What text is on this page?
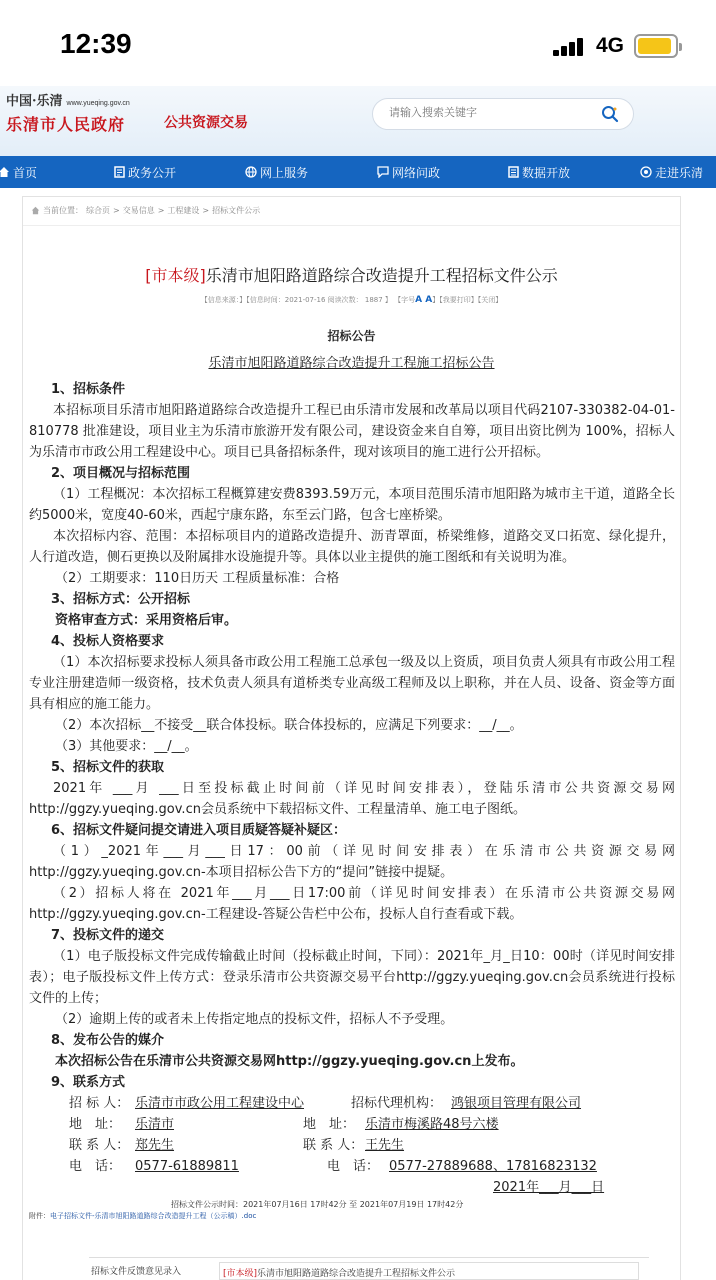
12:39	4G
中国·乐清 www.yueqing.gov.cn
乐清市人民政府	公共资源交易
请输入搜索关键字
首页	政务公开	网上服务	网络问政	数据开放	走进乐清
当前位置： 综合页 > 交易信息 > 工程建设 > 招标文件公示
[市本级]乐清市旭阳路道路综合改造提升工程招标文件公示
【信息来源：】【信息时间：2021-07-16 阅读次数： 1887 】 【字号A A】【我要打印】【关闭】
招标公告
乐清市旭阳路道路综合改造提升工程施工招标公告

1、招标条件

本招标项目乐清市旭阳路道路综合改造提升工程已由乐清市发展和改革局以项目代码2107-330382-04-01-810778 批准建设，项目业主为乐清市旅游开发有限公司，建设资金来自自筹，项目出资比例为 100%，招标人为乐清市市政公用工程建设中心。项目已具备招标条件，现对该项目的施工进行公开招标。

2、项目概况与招标范围

（1）工程概况：本次招标工程概算建安费8393.59万元，本项目范围乐清市旭阳路为城市主干道，道路全长约5000米，宽度40-60米，西起宁康东路，东至云门路，包含七座桥梁。

本次招标内容、范围：本招标项目内的道路改造提升、沥青罩面，桥梁维修，道路交叉口拓宽、绿化提升，人行道改造，侧石更换以及附属排水设施提升等。具体以业主提供的施工图纸和有关说明为准。

（2）工期要求：110日历天 工程质量标准：合格

3、招标方式：公开招标

资格审查方式：采用资格后审。

4、投标人资格要求

（1）本次招标要求投标人须具备市政公用工程施工总承包一级及以上资质，项目负责人须具有市政公用工程专业注册建造师一级资格，技术负责人须具有道桥类专业高级工程师及以上职称，并在人员、设备、资金等方面具有相应的施工能力。

（2）本次招标__不接受__联合体投标。联合体投标的，应满足下列要求：__/__。

（3）其他要求：__/__。

5、招标文件的获取

2021年 ___月 ___日至投标截止时间前（详见时间安排表），登陆乐清市公共资源交易网http://ggzy.yueqing.gov.cn会员系统中下载招标文件、工程量清单、施工电子图纸。

6、招标文件疑问提交请进入项目质疑答疑补疑区：

（1）_2021年___月___日17：00前（详见时间安排表）在乐清市公共资源交易网http://ggzy.yueqing.gov.cn-本项目招标公告下方的“提问”链接中提疑。

（2）招标人将在 2021年___月___日17:00前（详见时间安排表）在乐清市公共资源交易网http://ggzy.yueqing.gov.cn-工程建设-答疑公告栏中公布，投标人自行查看或下载。

7、投标文件的递交

（1）电子版投标文件完成传输截止时间（投标截止时间，下同）：2021年_月_日10：00时（详见时间安排表）；电子版投标文件上传方式：登录乐清市公共资源交易平台http://ggzy.yueqing.gov.cn会员系统进行投标文件的上传；

（2）逾期上传的或者未上传指定地点的投标文件，招标人不予受理。

8、发布公告的媒介

本次招标公告在乐清市公共资源交易网http://ggzy.yueqing.gov.cn上发布。

9、联系方式

招 标 人： 乐清市市政公用工程建设中心	招标代理机构： 鸿银项目管理有限公司
地　址： 乐清市	地　址： 乐清市梅溪路48号六楼
联 系 人： 郑先生	联 系 人： 王先生
电　话： 0577-61889811	电　话： 0577-27889688、17816823132
2021年___月___日
招标文件公示时间：2021年07月16日 17时42分 至 2021年07月19日 17时42分
附件：电子招标文件-乐清市旭阳路道路综合改造提升工程（公示稿）.doc
招标文件反馈意见录入	[市本级]乐清市旭阳路道路综合改造提升工程招标文件公示
